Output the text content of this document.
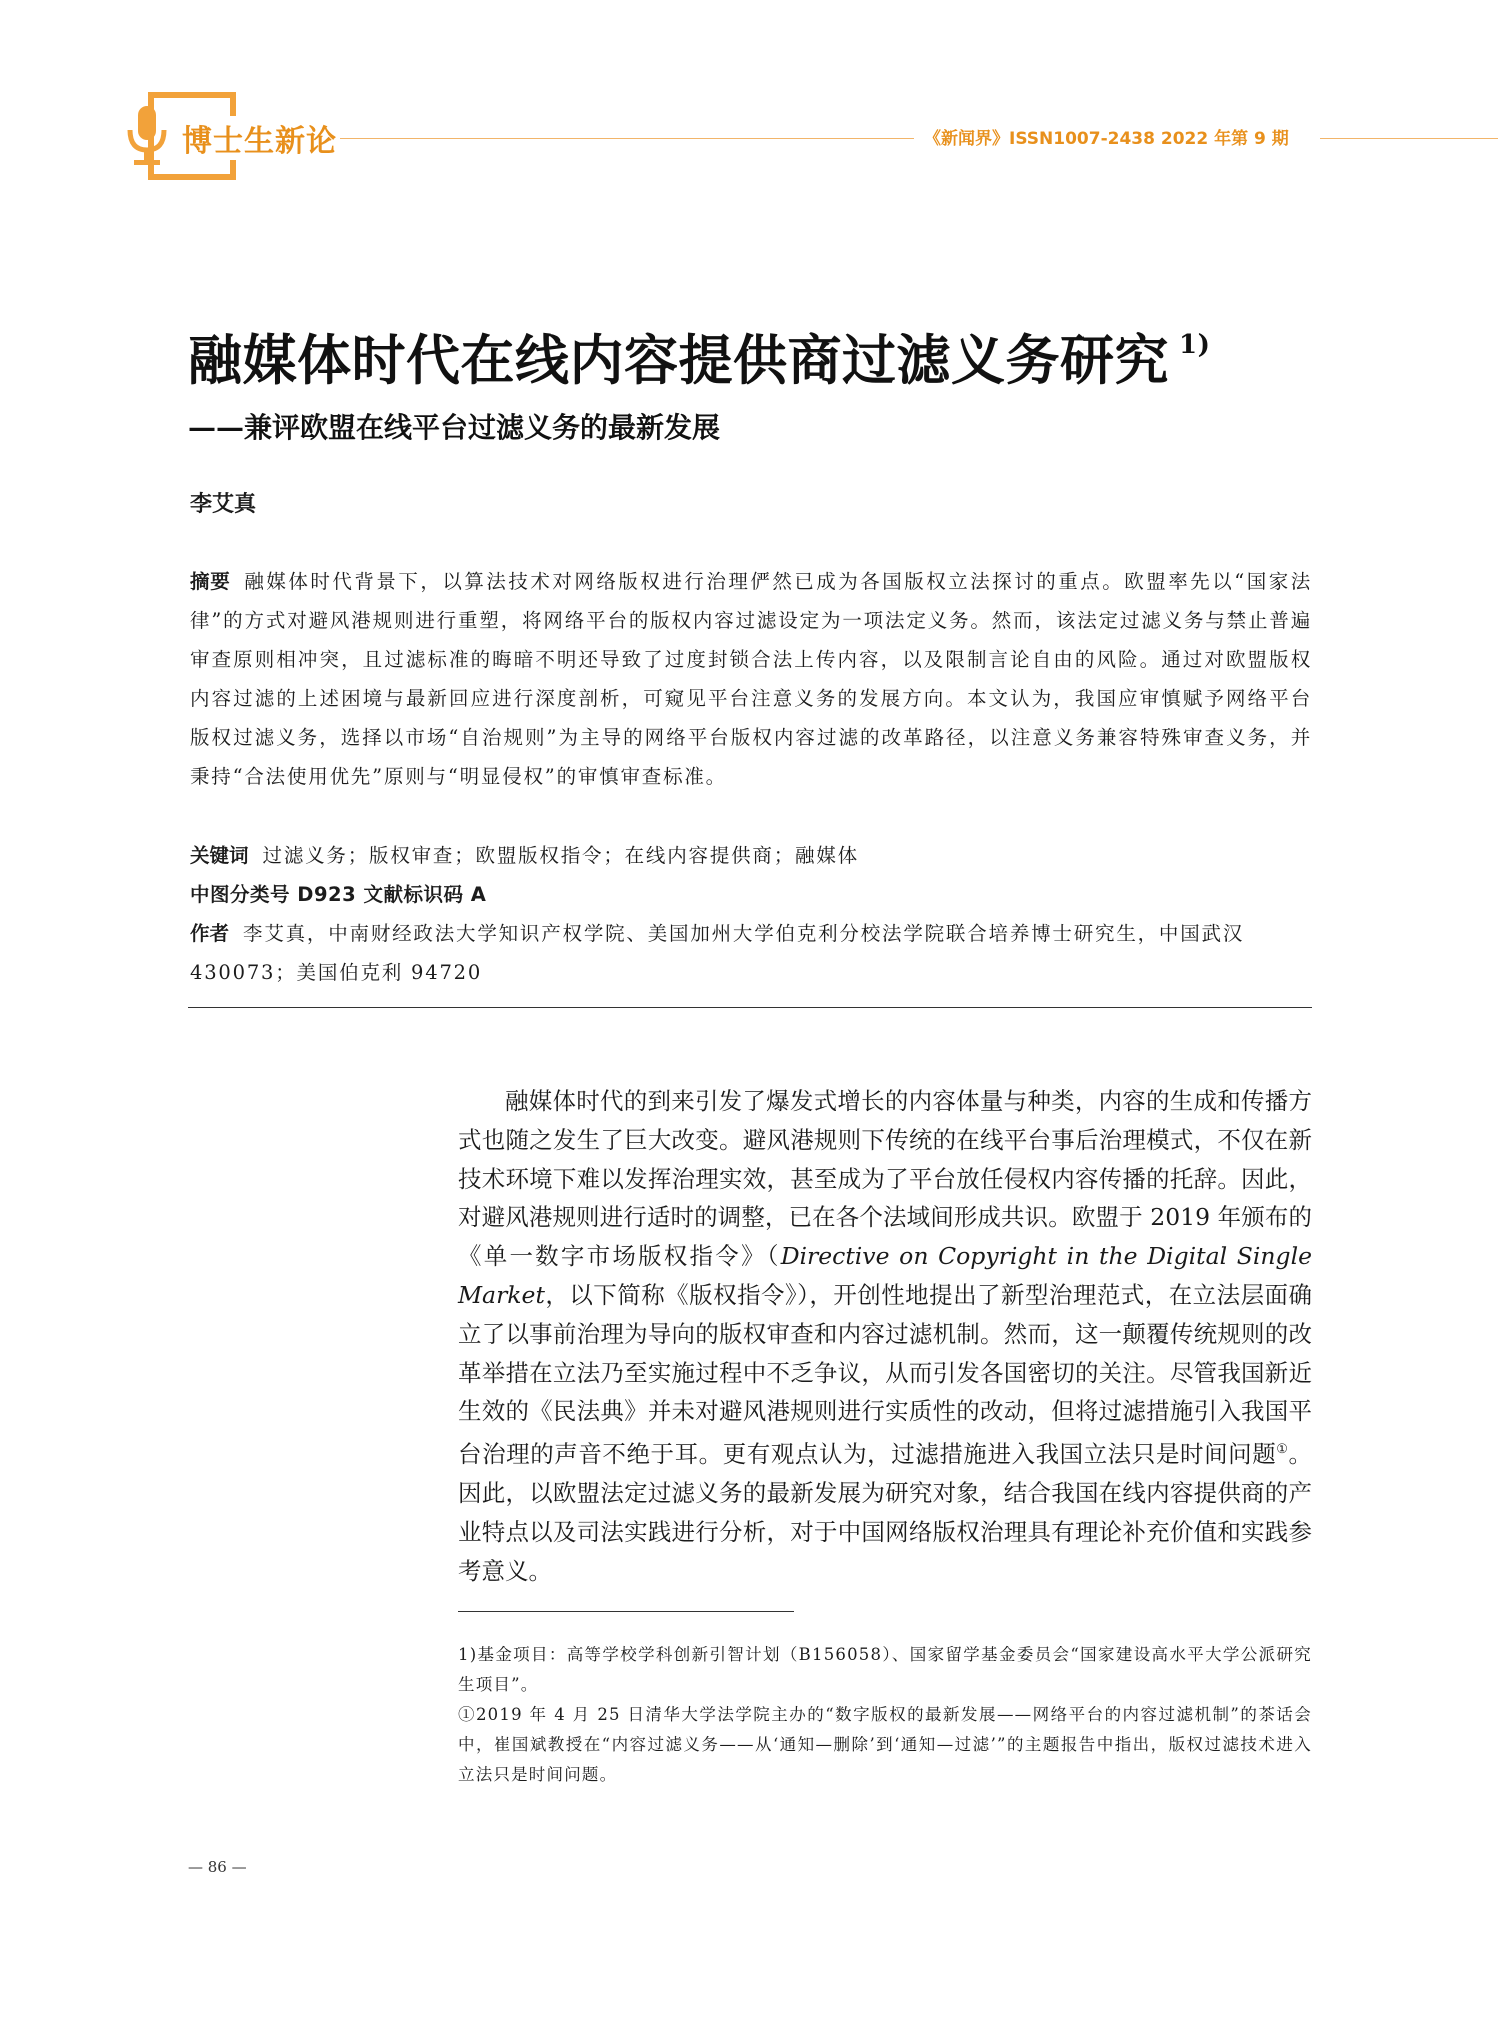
博士生新论	《新闻界》ISSN1007-2438 2022 年第 9 期
融媒体时代在线内容提供商过滤义务研究 $^{1)}$
——兼评欧盟在线平台过滤义务的最新发展
李艾真

摘要 融媒体时代背景下，以算法技术对网络版权进行治理俨然已成为各国版权立法探讨的重点。欧盟率先以“国家法律”的方式对避风港规则进行重塑，将网络平台的版权内容过滤设定为一项法定义务。然而，该法定过滤义务与禁止普遍审查原则相冲突，且过滤标准的晦暗不明还导致了过度封锁合法上传内容，以及限制言论自由的风险。通过对欧盟版权内容过滤的上述困境与最新回应进行深度剖析，可窥见平台注意义务的发展方向。本文认为，我国应审慎赋予网络平台版权过滤义务，选择以市场“自治规则”为主导的网络平台版权内容过滤的改革路径，以注意义务兼容特殊审查义务，并秉持“合法使用优先”原则与“明显侵权”的审慎审查标准。

关键词 过滤义务；版权审查；欧盟版权指令；在线内容提供商；融媒体

中图分类号 D923 文献标识码 A

作者 李艾真，中南财经政法大学知识产权学院、美国加州大学伯克利分校法学院联合培养博士研究生，中国武汉 430073；美国伯克利 94720

融媒体时代的到来引发了爆发式增长的内容体量与种类，内容的生成和传播方式也随之发生了巨大改变。避风港规则下传统的在线平台事后治理模式，不仅在新技术环境下难以发挥治理实效，甚至成为了平台放任侵权内容传播的托辞。因此，对避风港规则进行适时的调整，已在各个法域间形成共识。欧盟于 2019 年颁布的《单一数字市场版权指令》（Directive on Copyright in the Digital Single Market，以下简称《版权指令》），开创性地提出了新型治理范式，在立法层面确立了以事前治理为导向的版权审查和内容过滤机制。然而，这一颠覆传统规则的改革举措在立法乃至实施过程中不乏争议，从而引发各国密切的关注。尽管我国新近生效的《民法典》并未对避风港规则进行实质性的改动，但将过滤措施引入我国平台治理的声音不绝于耳。更有观点认为，过滤措施进入我国立法只是时间问题①。因此，以欧盟法定过滤义务的最新发展为研究对象，结合我国在线内容提供商的产业特点以及司法实践进行分析，对于中国网络版权治理具有理论补充价值和实践参考意义。

1)基金项目：高等学校学科创新引智计划（B156058）、国家留学基金委员会“国家建设高水平大学公派研究生项目”。

①2019 年 4 月 25 日清华大学法学院主办的“数字版权的最新发展——网络平台的内容过滤机制”的茶话会中，崔国斌教授在“内容过滤义务——从‘通知—删除’到‘通知—过滤’”的主题报告中指出，版权过滤技术进入立法只是时间问题。

— 86 —
